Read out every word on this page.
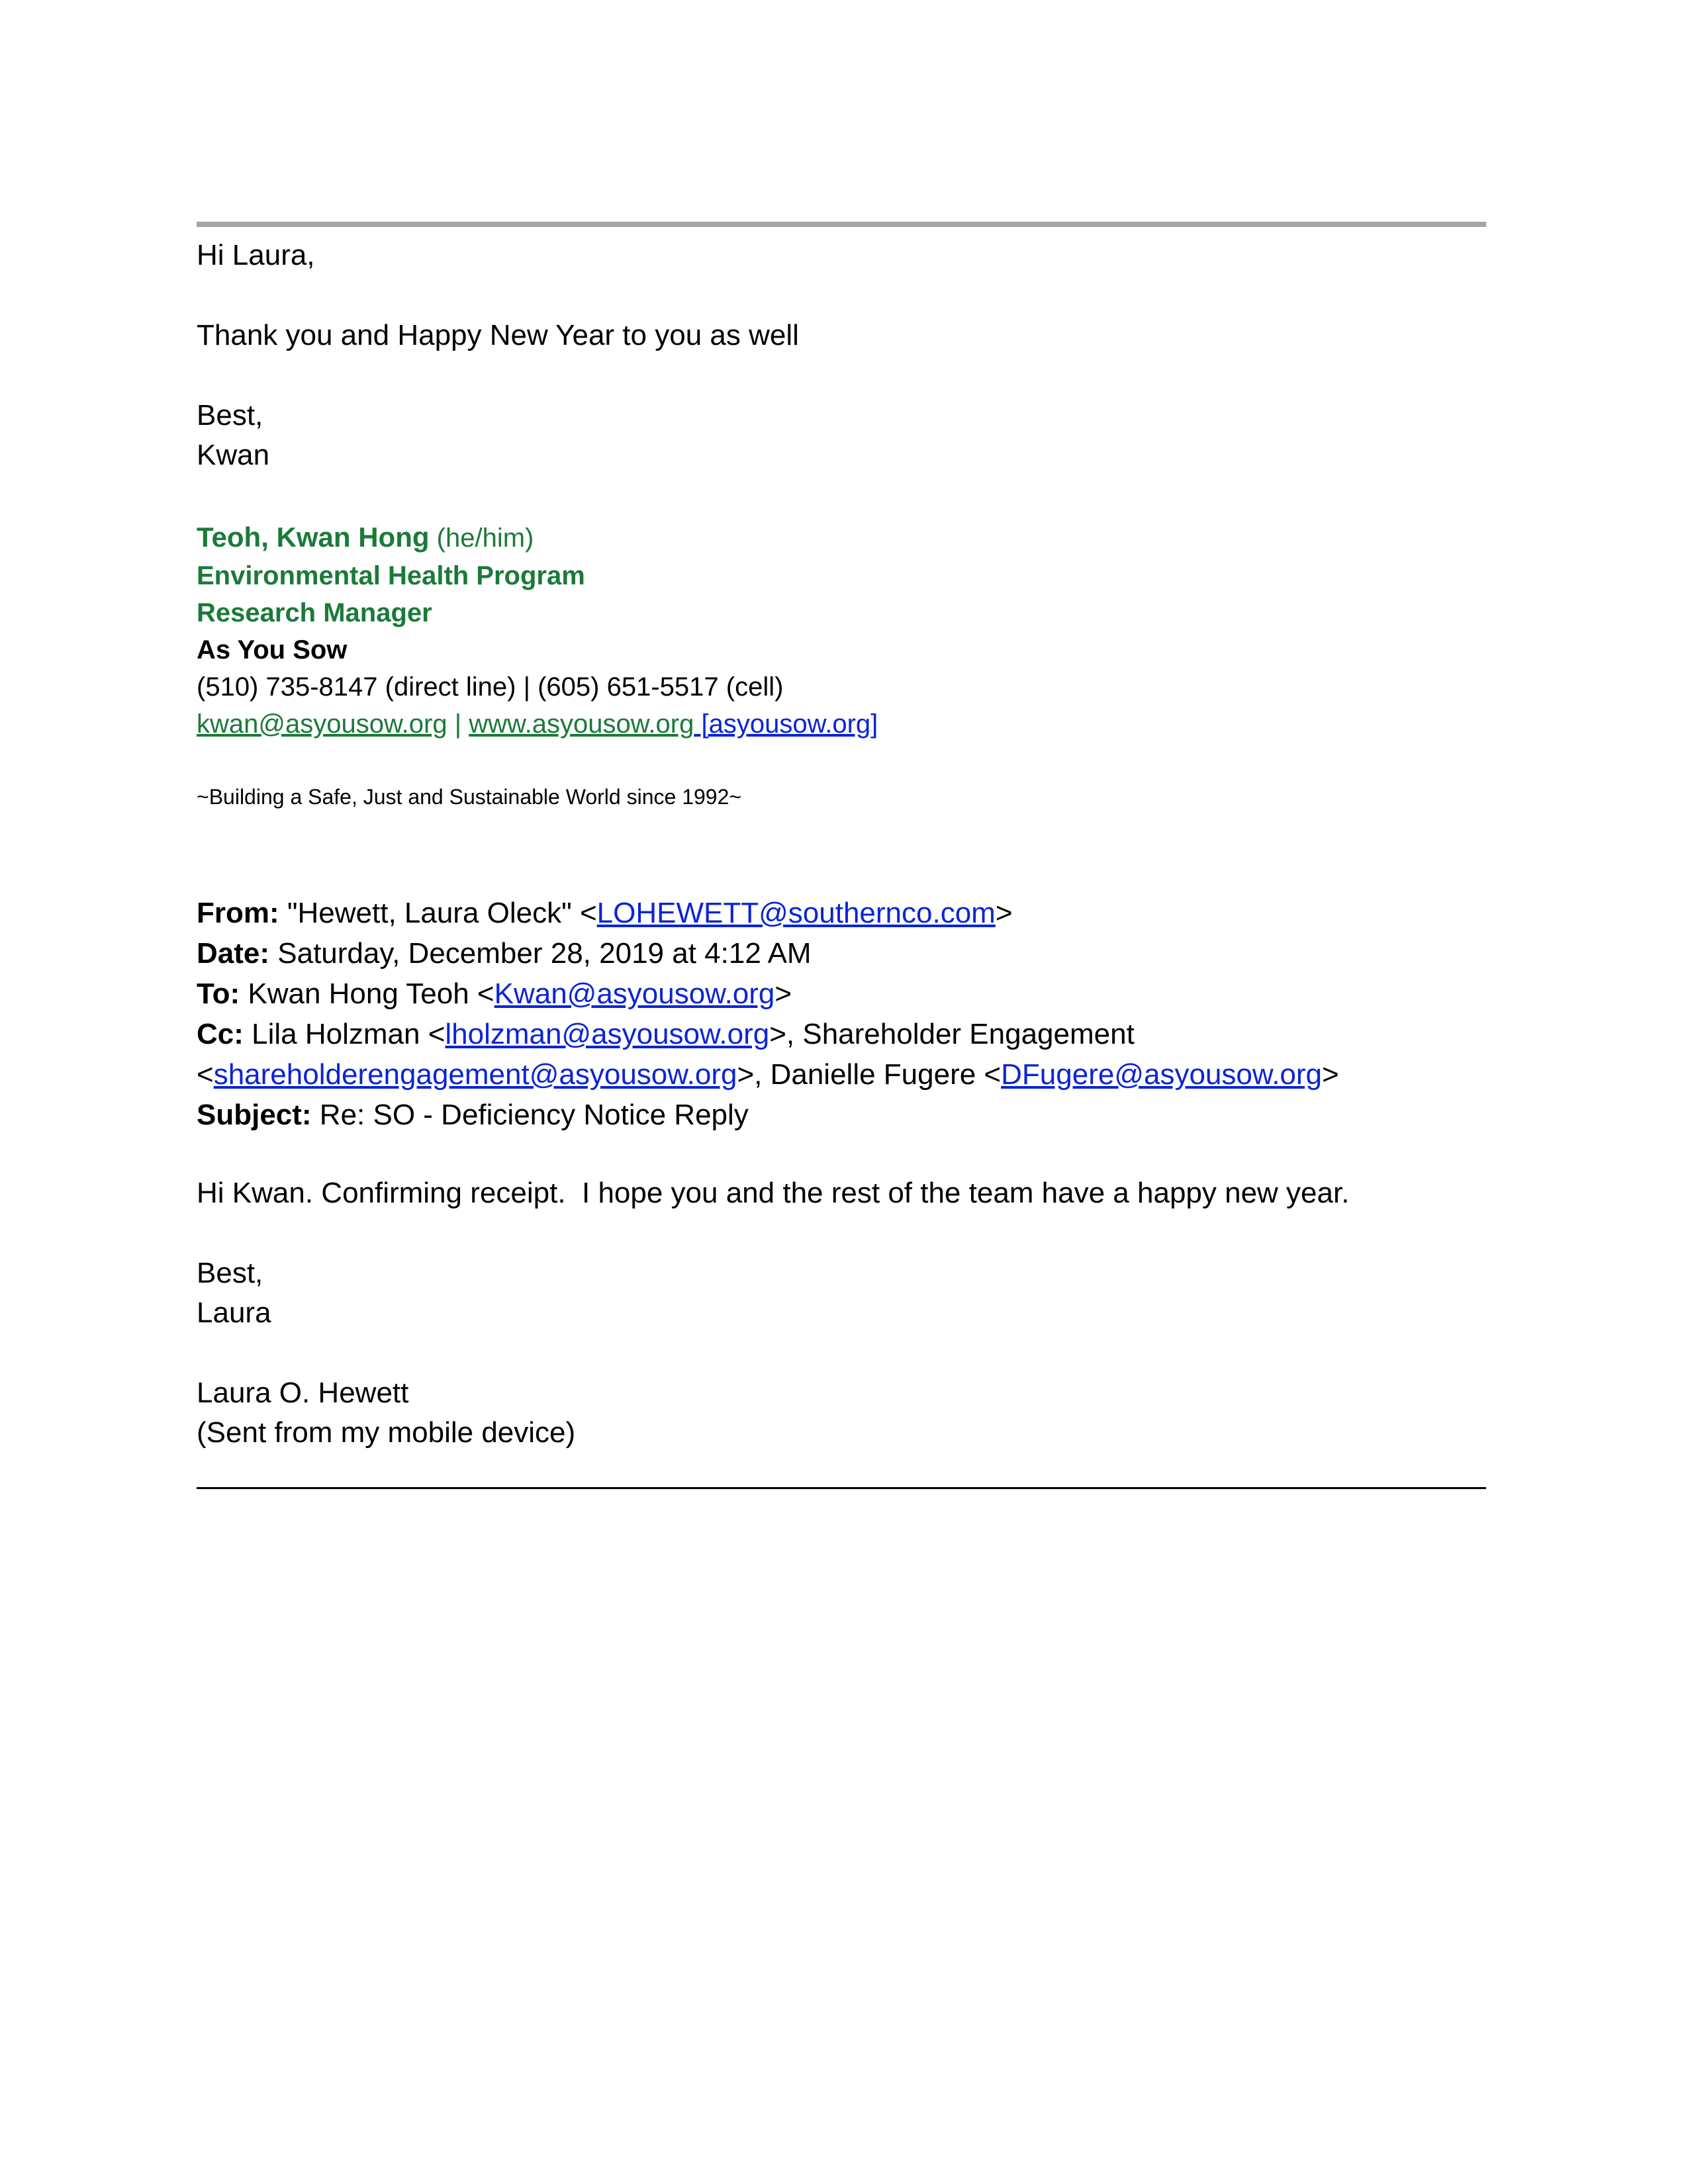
Hi Laura,
Thank you and Happy New Year to you as well
Best,
Kwan
Teoh, Kwan Hong (he/him)
Environmental Health Program
Research Manager
As You Sow
(510) 735-8147 (direct line) | (605) 651-5517 (cell)
kwan@asyousow.org | www.asyousow.org [asyousow.org]
~Building a Safe, Just and Sustainable World since 1992~
From: "Hewett, Laura Oleck" <LOHEWETT@southernco.com>
Date: Saturday, December 28, 2019 at 4:12 AM
To: Kwan Hong Teoh <Kwan@asyousow.org>
Cc: Lila Holzman <lholzman@asyousow.org>, Shareholder Engagement
<shareholderengagement@asyousow.org>, Danielle Fugere <DFugere@asyousow.org>
Subject: Re: SO - Deficiency Notice Reply
Hi Kwan. Confirming receipt.  I hope you and the rest of the team have a happy new year.
Best,
Laura
Laura O. Hewett
(Sent from my mobile device)
